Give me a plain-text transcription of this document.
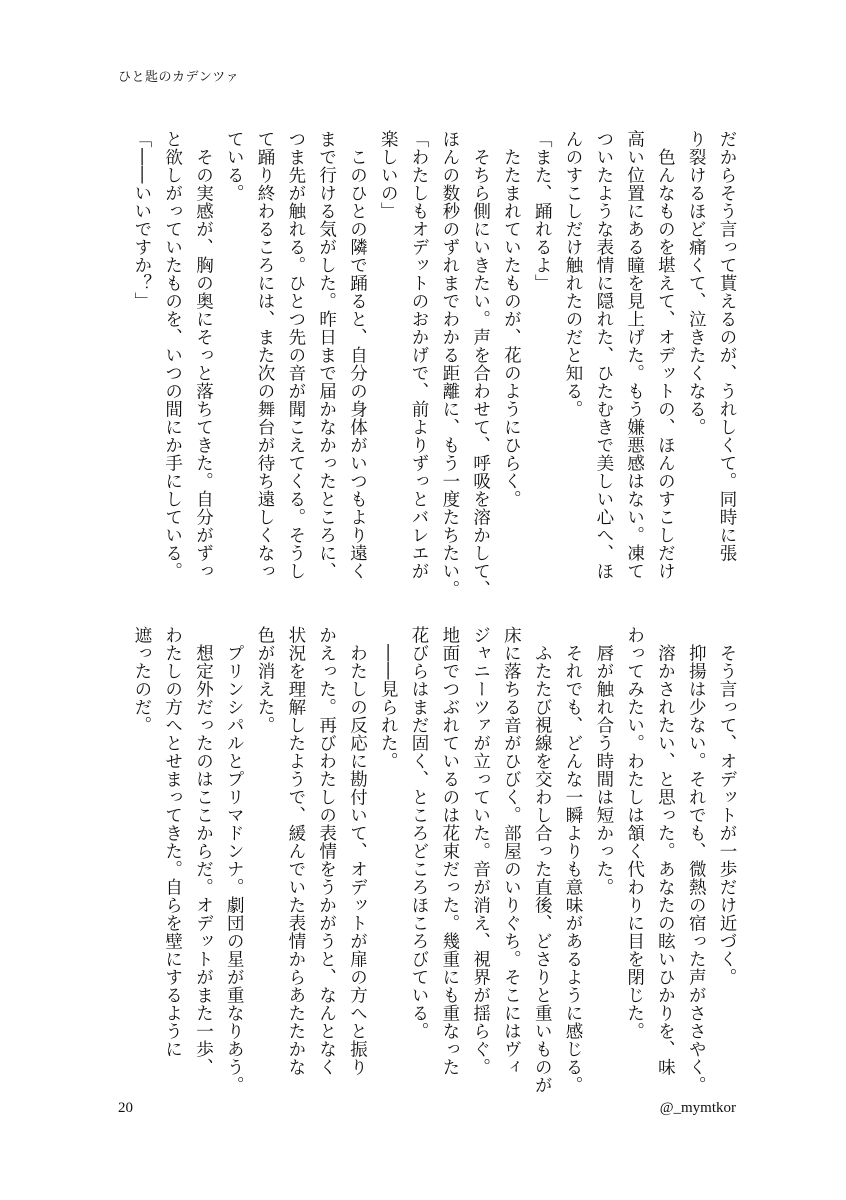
ひと匙のカデンツァ

だからそう言って貰えるのが、うれしくて。同時に張

り裂けるほど痛くて、泣きたくなる。

　色んなものを堪えて、オデットの、ほんのすこしだけ

高い位置にある瞳を見上げた。もう嫌悪感はない。凍て

ついたような表情に隠れた、ひたむきで美しい心へ、ほ

んのすこしだけ触れたのだと知る。

「また、踊れるよ」

　たたまれていたものが、花のようにひらく。

　そちら側にいきたい。声を合わせて、呼吸を溶かして、

ほんの数秒のずれまでわかる距離に、もう一度たちたい。

「わたしもオデットのおかげで、前よりずっとバレエが

楽しいの」

　このひとの隣で踊ると、自分の身体がいつもより遠く

まで行ける気がした。昨日まで届かなかったところに、

つま先が触れる。ひとつ先の音が聞こえてくる。そうし

て踊り終わるころには、また次の舞台が待ち遠しくなっ

ている。

　その実感が、胸の奥にそっと落ちてきた。自分がずっ

と欲しがっていたものを、いつの間にか手にしている。

「――いいですか？」

　そう言って、オデットが一歩だけ近づく。

　抑揚は少ない。それでも、微熱の宿った声がささやく。

　溶かされたい、と思った。あなたの眩いひかりを、味

わってみたい。わたしは頷く代わりに目を閉じた。

　唇が触れ合う時間は短かった。

　それでも、どんな一瞬よりも意味があるように感じる。

　ふたたび視線を交わし合った直後、どさりと重いものが

床に落ちる音がひびく。部屋のいりぐち。そこにはヴィ

ジャニーツァが立っていた。音が消え、視界が揺らぐ。

地面でつぶれているのは花束だった。幾重にも重なった

花びらはまだ固く、ところどころほころびている。

　――見られた。

　わたしの反応に勘付いて、オデットが扉の方へと振り

かえった。再びわたしの表情をうかがうと、なんとなく

状況を理解したようで、緩んでいた表情からあたたかな

色が消えた。

　プリンシパルとプリマドンナ。劇団の星が重なりあう。

　想定外だったのはここからだ。オデットがまた一歩、

わたしの方へとせまってきた。自らを壁にするように

遮ったのだ。

20	@_mymtkor
